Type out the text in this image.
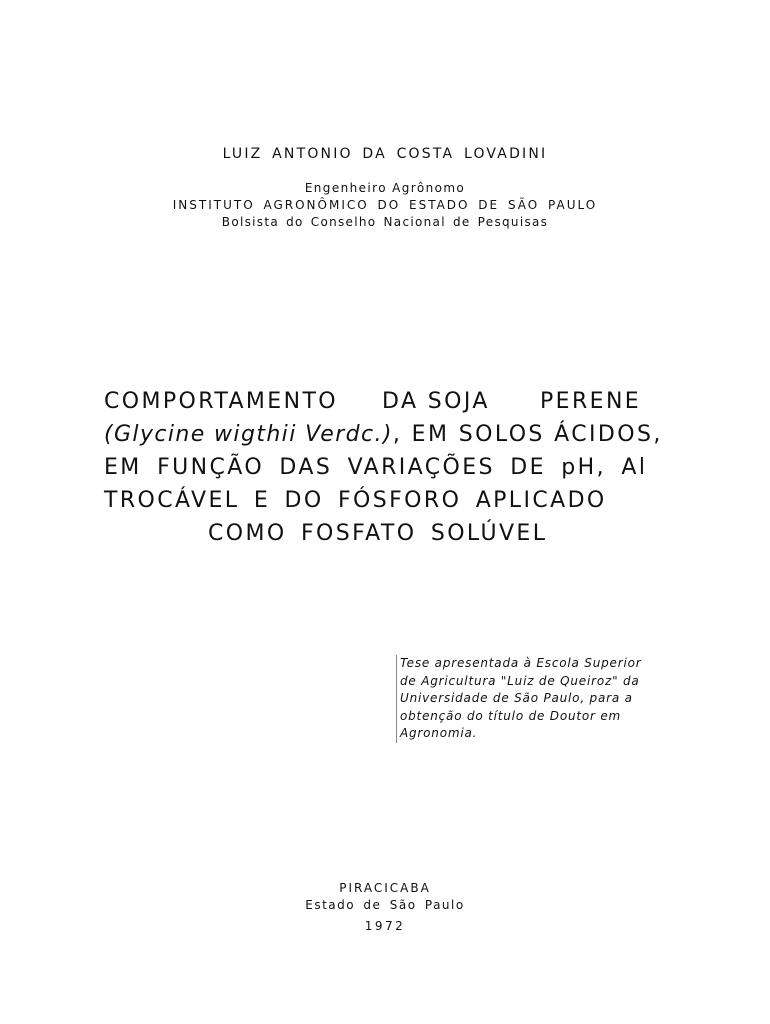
LUIZ ANTONIO DA COSTA LOVADINI
Engenheiro Agrônomo
INSTITUTO AGRONÔMICO DO ESTADO DE SÃO PAULO
Bolsista do Conselho Nacional de Pesquisas
COMPORTAMENTO DA SOJA PERENE
(Glycine wigthii Verdc.), EM SOLOS ÁCIDOS,
EM FUNÇÃO DAS VARIAÇÕES DE pH, Al
TROCÁVEL E DO FÓSFORO APLICADO
COMO FOSFATO SOLÚVEL
Tese apresentada à Escola Superior
de Agricultura "Luiz de Queiroz" da
Universidade de São Paulo, para a
obtenção do título de Doutor em
Agronomia.
PIRACICABA
Estado de São Paulo
1972
